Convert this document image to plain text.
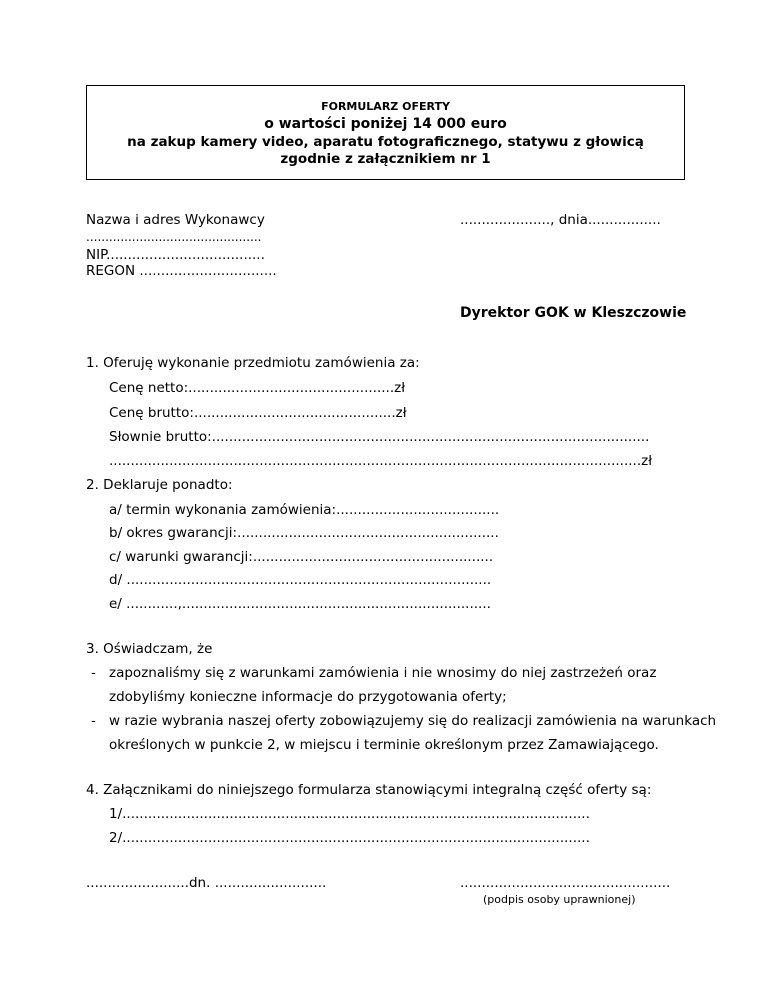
FORMULARZ OFERTY
o wartości poniżej 14 000 euro
na zakup kamery video, aparatu fotograficznego, statywu z głowicą
zgodnie z załącznikiem nr 1
Nazwa i adres Wykonawcy
..............................................
NIP.....................................
REGON ................................
....................., dnia.................
Dyrektor GOK w Kleszczowie
1. Oferuję wykonanie przedmiotu zamówienia za:
Cenę netto:................................................zł
Cenę brutto:...............................................zł
Słownie brutto:......................................................................................................
............................................................................................................................zł
2. Deklaruje ponadto:
a/ termin wykonania zamówienia:......................................
b/ okres gwarancji:.............................................................
c/ warunki gwarancji:........................................................
d/ .....................................................................................
e/ ............,........................................................................
3. Oświadczam, że
- zapoznaliśmy się z warunkami zamówienia i nie wnosimy do niej zastrzeżeń oraz
zdobyliśmy konieczne informacje do przygotowania oferty;
- w razie wybrania naszej oferty zobowiązujemy się do realizacji zamówienia na warunkach
określonych w punkcie 2, w miejscu i terminie określonym przez Zamawiającego.
4. Załącznikami do niniejszego formularza stanowiącymi integralną część oferty są:
1/.............................................................................................................
2/.............................................................................................................
........................dn. ..........................	.................................................
(podpis osoby uprawnionej)
